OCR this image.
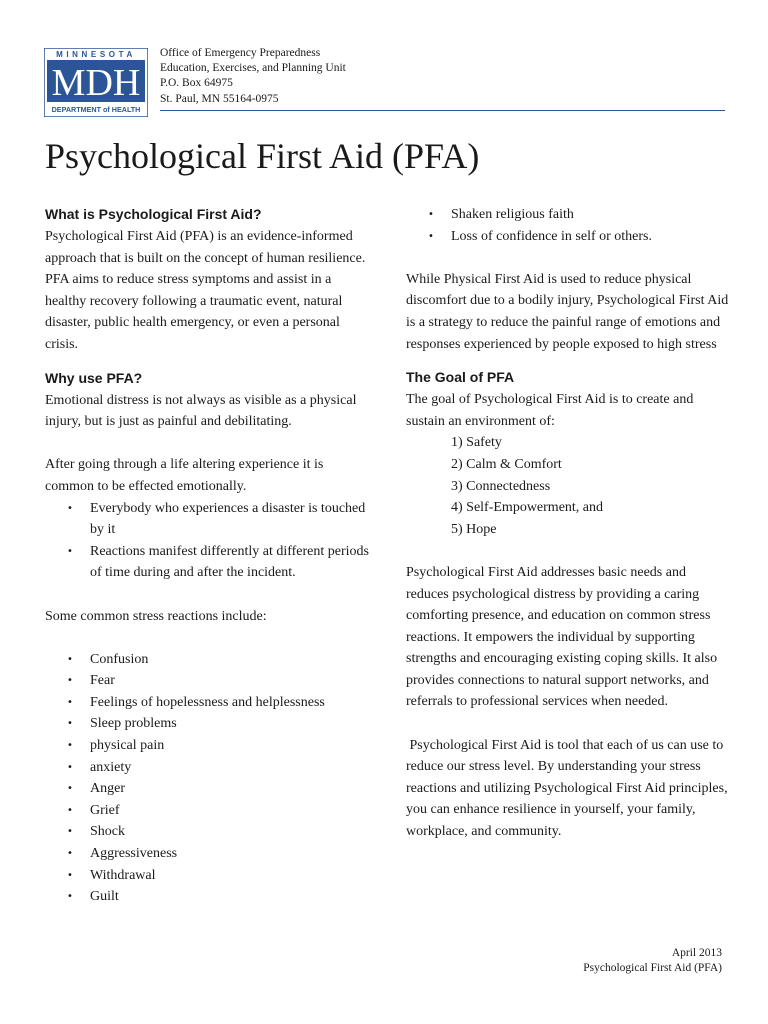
MINNESOTA
MDH
DEPARTMENT of HEALTH
Office of Emergency Preparedness
Education, Exercises, and Planning Unit
P.O. Box 64975
St. Paul, MN 55164-0975
Psychological First Aid (PFA)
What is Psychological First Aid?

Psychological First Aid (PFA) is an evidence-informed approach that is built on the concept of human resilience. PFA aims to reduce stress symptoms and assist in a healthy recovery following a traumatic event, natural disaster, public health emergency, or even a personal crisis.

Why use PFA?

Emotional distress is not always as visible as a physical injury, but is just as painful and debilitating.

After going through a life altering experience it is common to be effected emotionally.

• Everybody who experiences a disaster is touched by it
• Reactions manifest differently at different periods of time during and after the incident.

Some common stress reactions include:

• Confusion
• Fear
• Feelings of hopelessness and helplessness
• Sleep problems
• physical pain
• anxiety
• Anger
• Grief
• Shock
• Aggressiveness
• Withdrawal
• Guilt
• Shaken religious faith
• Loss of confidence in self or others.

While Physical First Aid is used to reduce physical discomfort due to a bodily injury, Psychological First Aid is a strategy to reduce the painful range of emotions and responses experienced by people exposed to high stress

The Goal of PFA

The goal of Psychological First Aid is to create and sustain an environment of:

1) Safety
2) Calm & Comfort
3) Connectedness
4) Self-Empowerment, and
5) Hope

Psychological First Aid addresses basic needs and reduces psychological distress by providing a caring comforting presence, and education on common stress reactions. It empowers the individual by supporting strengths and encouraging existing coping skills. It also provides connections to natural support networks, and referrals to professional services when needed.

Psychological First Aid is tool that each of us can use to reduce our stress level. By understanding your stress reactions and utilizing Psychological First Aid principles, you can enhance resilience in yourself, your family, workplace, and community.

April 2013
Psychological First Aid (PFA)
